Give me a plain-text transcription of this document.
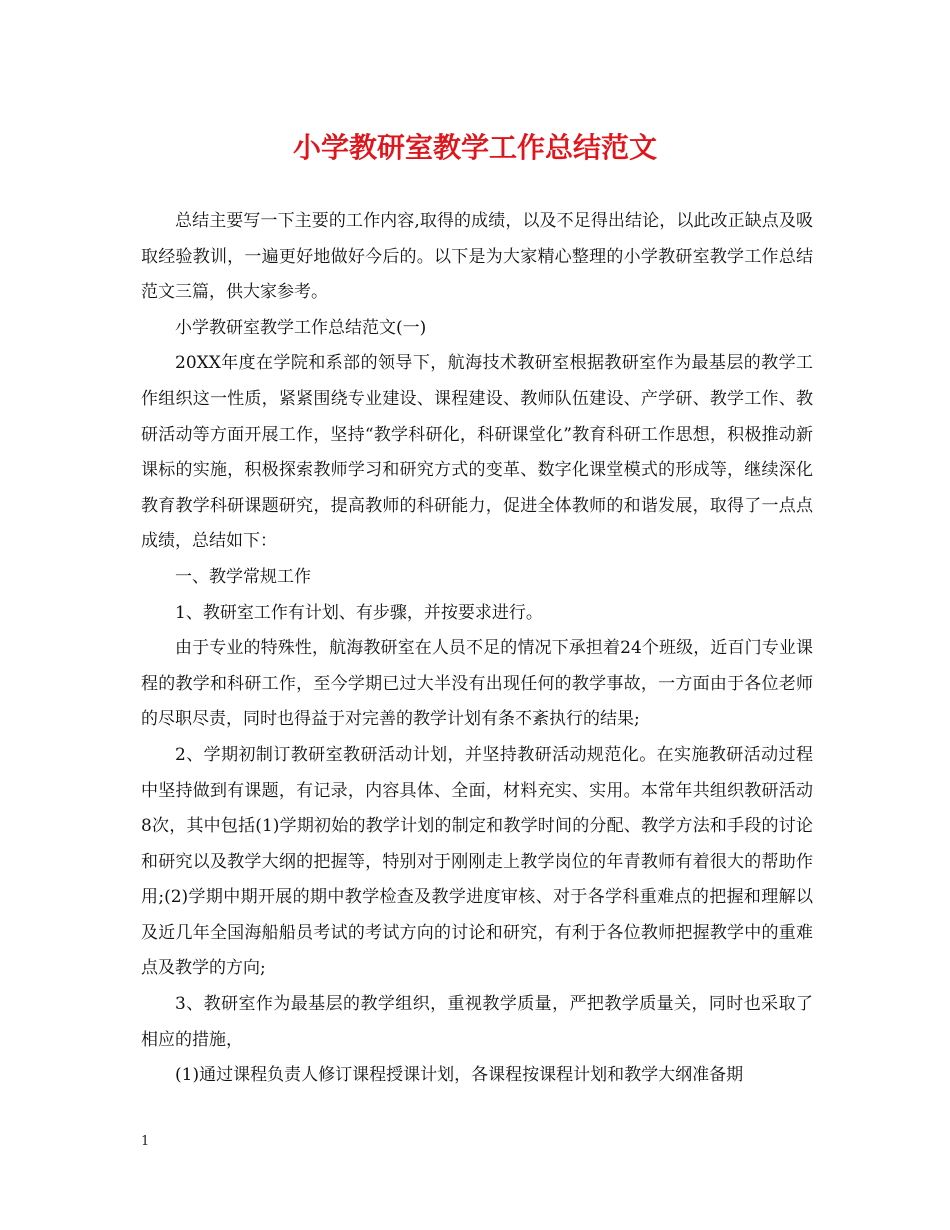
小学教研室教学工作总结范文

总结主要写一下主要的工作内容,取得的成绩，以及不足得出结论，以此改正缺点及吸取经验教训，一遍更好地做好今后的。以下是为大家精心整理的小学教研室教学工作总结范文三篇，供大家参考。

小学教研室教学工作总结范文(一)

20XX年度在学院和系部的领导下，航海技术教研室根据教研室作为最基层的教学工作组织这一性质，紧紧围绕专业建设、课程建设、教师队伍建设、产学研、教学工作、教研活动等方面开展工作，坚持“教学科研化，科研课堂化”教育科研工作思想，积极推动新课标的实施，积极探索教师学习和研究方式的变革、数字化课堂模式的形成等，继续深化教育教学科研课题研究，提高教师的科研能力，促进全体教师的和谐发展，取得了一点点成绩，总结如下：

一、教学常规工作

1、教研室工作有计划、有步骤，并按要求进行。

由于专业的特殊性，航海教研室在人员不足的情况下承担着24个班级，近百门专业课程的教学和科研工作，至今学期已过大半没有出现任何的教学事故，一方面由于各位老师的尽职尽责，同时也得益于对完善的教学计划有条不紊执行的结果;

2、学期初制订教研室教研活动计划，并坚持教研活动规范化。在实施教研活动过程中坚持做到有课题，有记录，内容具体、全面，材料充实、实用。本常年共组织教研活动8次，其中包括(1)学期初始的教学计划的制定和教学时间的分配、教学方法和手段的讨论和研究以及教学大纲的把握等，特别对于刚刚走上教学岗位的年青教师有着很大的帮助作用;(2)学期中期开展的期中教学检查及教学进度审核、对于各学科重难点的把握和理解以及近几年全国海船船员考试的考试方向的讨论和研究，有利于各位教师把握教学中的重难点及教学的方向;

3、教研室作为最基层的教学组织，重视教学质量，严把教学质量关，同时也采取了相应的措施，

(1)通过课程负责人修订课程授课计划，各课程按课程计划和教学大纲准备期

1
